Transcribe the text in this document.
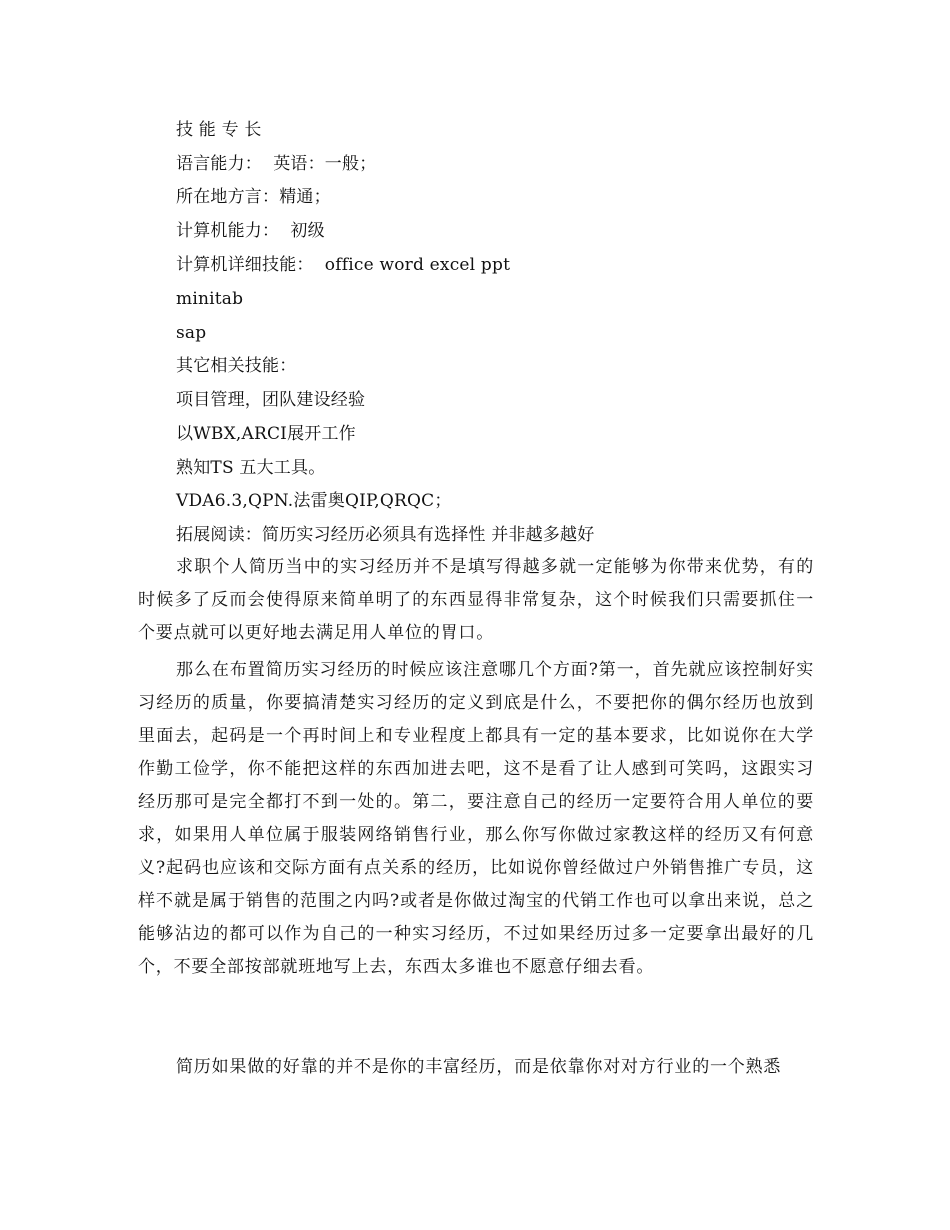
技 能 专 长
语言能力：  英语：一般；
所在地方言：精通；
计算机能力：  初级
计算机详细技能：  office word excel ppt
minitab
sap
其它相关技能：
项目管理，团队建设经验
以WBX,ARCI展开工作
熟知TS 五大工具。
VDA6.3,QPN.法雷奥QIP,QRQC；
拓展阅读：简历实习经历必须具有选择性 并非越多越好

求职个人简历当中的实习经历并不是填写得越多就一定能够为你带来优势，有的时候多了反而会使得原来简单明了的东西显得非常复杂，这个时候我们只需要抓住一个要点就可以更好地去满足用人单位的胃口。

那么在布置简历实习经历的时候应该注意哪几个方面?第一，首先就应该控制好实习经历的质量，你要搞清楚实习经历的定义到底是什么，不要把你的偶尔经历也放到里面去，起码是一个再时间上和专业程度上都具有一定的基本要求，比如说你在大学作勤工俭学，你不能把这样的东西加进去吧，这不是看了让人感到可笑吗，这跟实习经历那可是完全都打不到一处的。第二，要注意自己的经历一定要符合用人单位的要求，如果用人单位属于服装网络销售行业，那么你写你做过家教这样的经历又有何意义?起码也应该和交际方面有点关系的经历，比如说你曾经做过户外销售推广专员，这样不就是属于销售的范围之内吗?或者是你做过淘宝的代销工作也可以拿出来说，总之能够沾边的都可以作为自己的一种实习经历，不过如果经历过多一定要拿出最好的几个，不要全部按部就班地写上去，东西太多谁也不愿意仔细去看。

简历如果做的好靠的并不是你的丰富经历，而是依靠你对对方行业的一个熟悉
